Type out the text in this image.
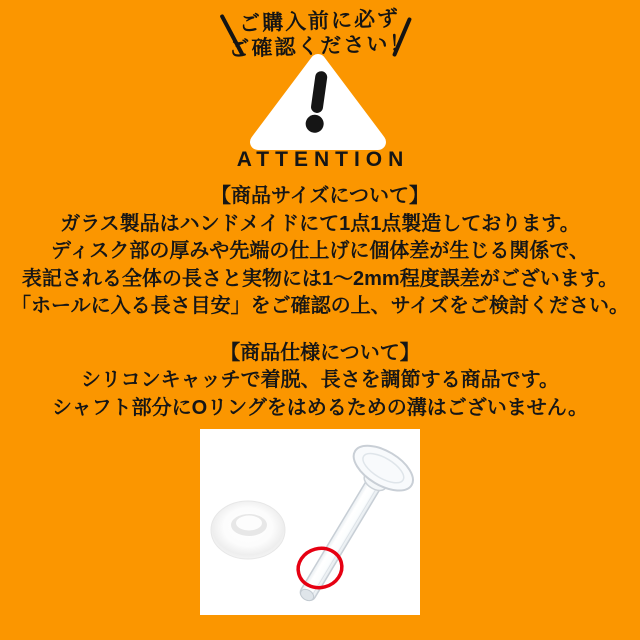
ご購入前に必ず
ご確認ください！
ATTENTION
【商品サイズについて】
ガラス製品はハンドメイドにて1点1点製造しております。
ディスク部の厚みや先端の仕上げに個体差が生じる関係で、
表記される全体の長さと実物には1～2mm程度誤差がございます。
「ホールに入る長さ目安」をご確認の上、サイズをご検討ください。
【商品仕様について】
シリコンキャッチで着脱、長さを調節する商品です。
シャフト部分にOリングをはめるための溝はございません。
